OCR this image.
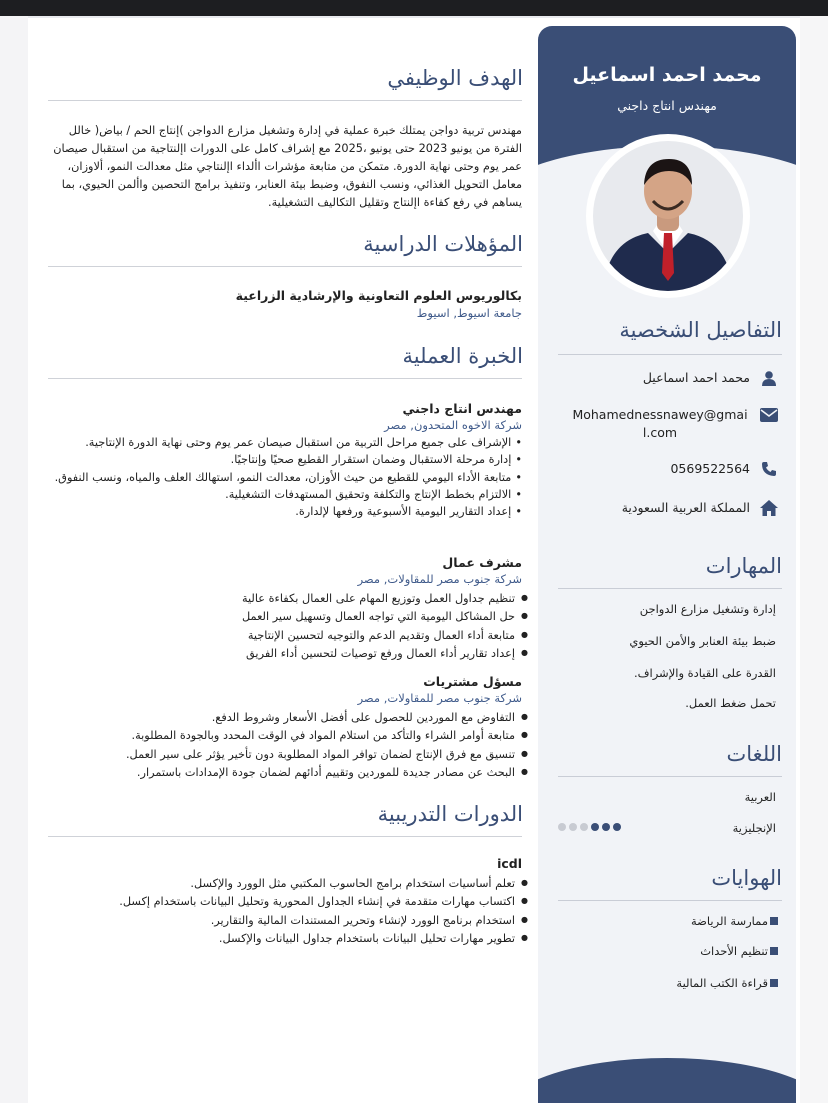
محمد احمد اسماعيل
مهندس انتاج داجني
التفاصيل الشخصية
محمد احمد اسماعيل
Mohamednessnawey@gmail.com
0569522564
المملكة العربية السعودية
المهارات
إدارة وتشغيل مزارع الدواجن
ضبط بيئة العنابر والأمن الحيوي
القدرة على القيادة والإشراف.
تحمل ضغط العمل.
اللغات
العربية
الإنجليزية
الهوايات
ممارسة الرياضة
تنظيم الأحداث
قراءة الكتب المالية
الهدف الوظيفي
مهندس تربية دواجن يمتلك خبرة عملية في إدارة وتشغيل مزارع الدواجن )إنتاج الحم / بياض( خالل الفترة من يونيو 2023 حتى يونيو ،2025 مع إشراف كامل على الدورات اإلنتاجية من استقبال صيصان عمر يوم وحتى نهاية الدورة. متمكن من متابعة مؤشرات األداء اإلنتاجي مثل معدالت النمو، ألاوزان، معامل التحويل الغذائي، ونسب النفوق، وضبط بيئة العنابر، وتنفيذ برامج التحصين واألمن الحيوي، بما يساهم في رفع كفاءة اإلنتاج وتقليل التكاليف التشغيلية.
المؤهلات الدراسية
بكالوريوس العلوم التعاونية والإرشادية الزراعية
جامعة اسيوط, اسيوط
الخبرة العملية
مهندس انتاج داجني
شركة الاخوه المتحدون, مصر
• الإشراف على جميع مراحل التربية من استقبال صيصان عمر يوم وحتى نهاية الدورة الإنتاجية.
• إدارة مرحلة الاستقبال وضمان استقرار القطيع صحيًا وإنتاجيًا.
• متابعة الأداء اليومي للقطيع من حيث الأوزان، معدالت النمو، استهالك العلف والمياه، ونسب النفوق.
• الالتزام بخطط الإنتاج والتكلفة وتحقيق المستهدفات التشغيلية.
• إعداد التقارير اليومية الأسبوعية ورفعها لإلدارة.
مشرف عمال
شركة جنوب مصر للمقاولات, مصر
● تنظيم جداول العمل وتوزيع المهام على العمال بكفاءة عالية
● حل المشاكل اليومية التي تواجه العمال وتسهيل سير العمل
● متابعة أداء العمال وتقديم الدعم والتوجيه لتحسين الإنتاجية
● إعداد تقارير أداء العمال ورفع توصيات لتحسين أداء الفريق
مسؤل مشتريات
شركة جنوب مصر للمقاولات, مصر
● التفاوض مع الموردين للحصول على أفضل الأسعار وشروط الدفع.
● متابعة أوامر الشراء والتأكد من استلام المواد في الوقت المحدد وبالجودة المطلوبة.
● تنسيق مع فرق الإنتاج لضمان توافر المواد المطلوبة دون تأخير يؤثر على سير العمل.
● البحث عن مصادر جديدة للموردين وتقييم أدائهم لضمان جودة الإمدادات باستمرار.
الدورات التدريبية
icdl
● تعلم أساسيات استخدام برامج الحاسوب المكتبي مثل الوورد والإكسل.
● اكتساب مهارات متقدمة في إنشاء الجداول المحورية وتحليل البيانات باستخدام إكسل.
● استخدام برنامج الوورد لإنشاء وتحرير المستندات المالية والتقارير.
● تطوير مهارات تحليل البيانات باستخدام جداول البيانات والإكسل.
